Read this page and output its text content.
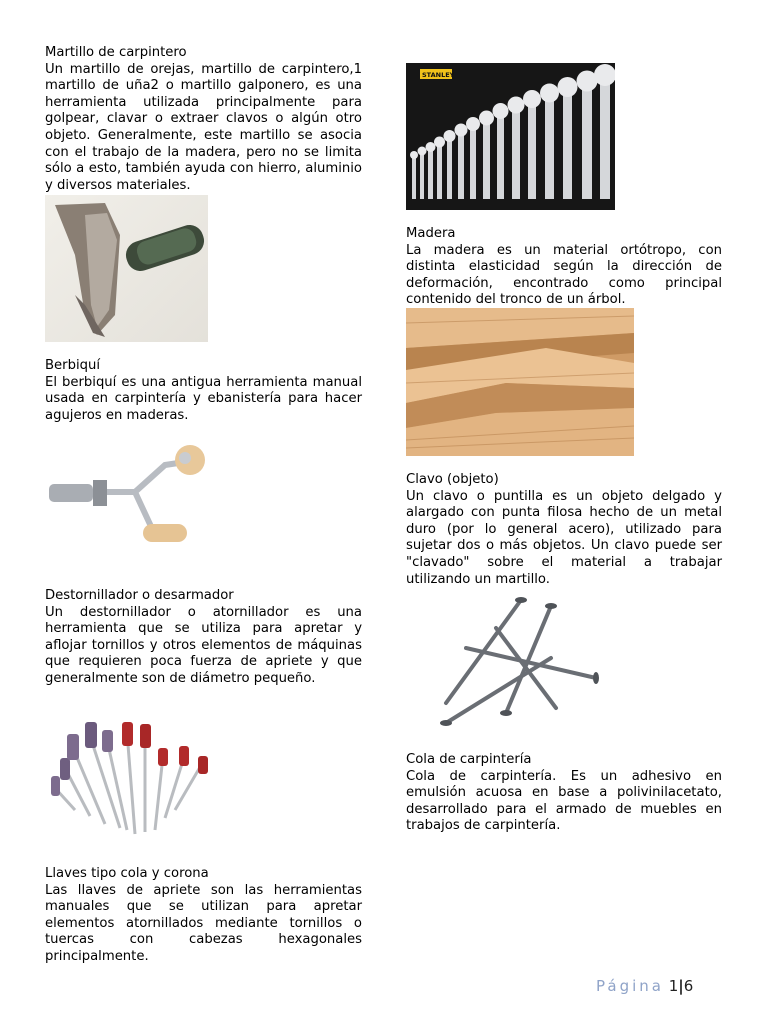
Martillo de carpintero
Un martillo de orejas, martillo de carpintero,1 martillo de uña2 o martillo galponero, es una herramienta utilizada principalmente para golpear, clavar o extraer clavos o algún otro objeto. Generalmente, este martillo se asocia con el trabajo de la madera, pero no se limita sólo a esto, también ayuda con hierro, aluminio y diversos materiales.
Berbiquí
El berbiquí es una antigua herramienta manual usada en carpintería y ebanistería para hacer agujeros en maderas.
Destornillador o desarmador
Un destornillador o atornillador es una herramienta que se utiliza para apretar y aflojar tornillos y otros elementos de máquinas que requieren poca fuerza de apriete y que generalmente son de diámetro pequeño.
Llaves tipo cola y corona
Las llaves de apriete son las herramientas manuales que se utilizan para apretar elementos atornillados mediante tornillos o tuercas con cabezas hexagonales principalmente.
STANLEY
Madera
La madera es un material ortótropo, con distinta elasticidad según la dirección de deformación, encontrado como principal contenido del tronco de un árbol.
Clavo (objeto)
Un clavo o puntilla es un objeto delgado y alargado con punta filosa hecho de un metal duro (por lo general acero), utilizado para sujetar dos o más objetos. Un clavo puede ser "clavado" sobre el material a trabajar utilizando un martillo.
Cola de carpintería
Cola de carpintería. Es un adhesivo en emulsión acuosa en base a polivinilacetato, desarrollado para el armado de muebles en trabajos de carpintería.
Página 1|6
